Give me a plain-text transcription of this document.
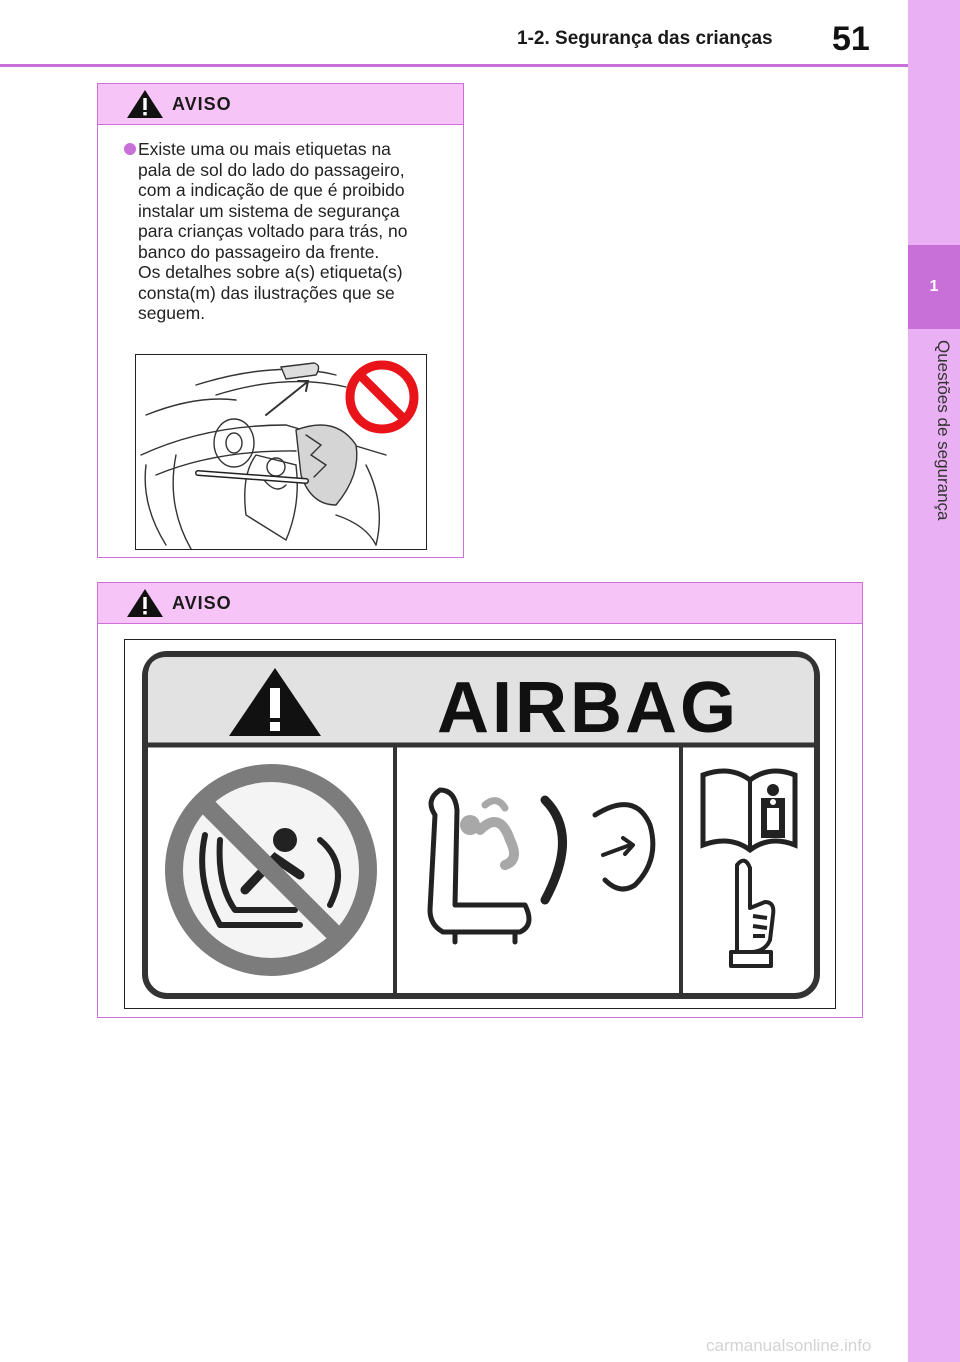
1-2. Segurança das crianças 51
1
Questões de segurança
AVISO
Existe uma ou mais etiquetas na
pala de sol do lado do passageiro,
com a indicação de que é proibido
instalar um sistema de segurança
para crianças voltado para trás, no
banco do passageiro da frente.
Os detalhes sobre a(s) etiqueta(s)
consta(m) das ilustrações que se
seguem.
AVISO
AIRBAG
carmanualsonline.info
